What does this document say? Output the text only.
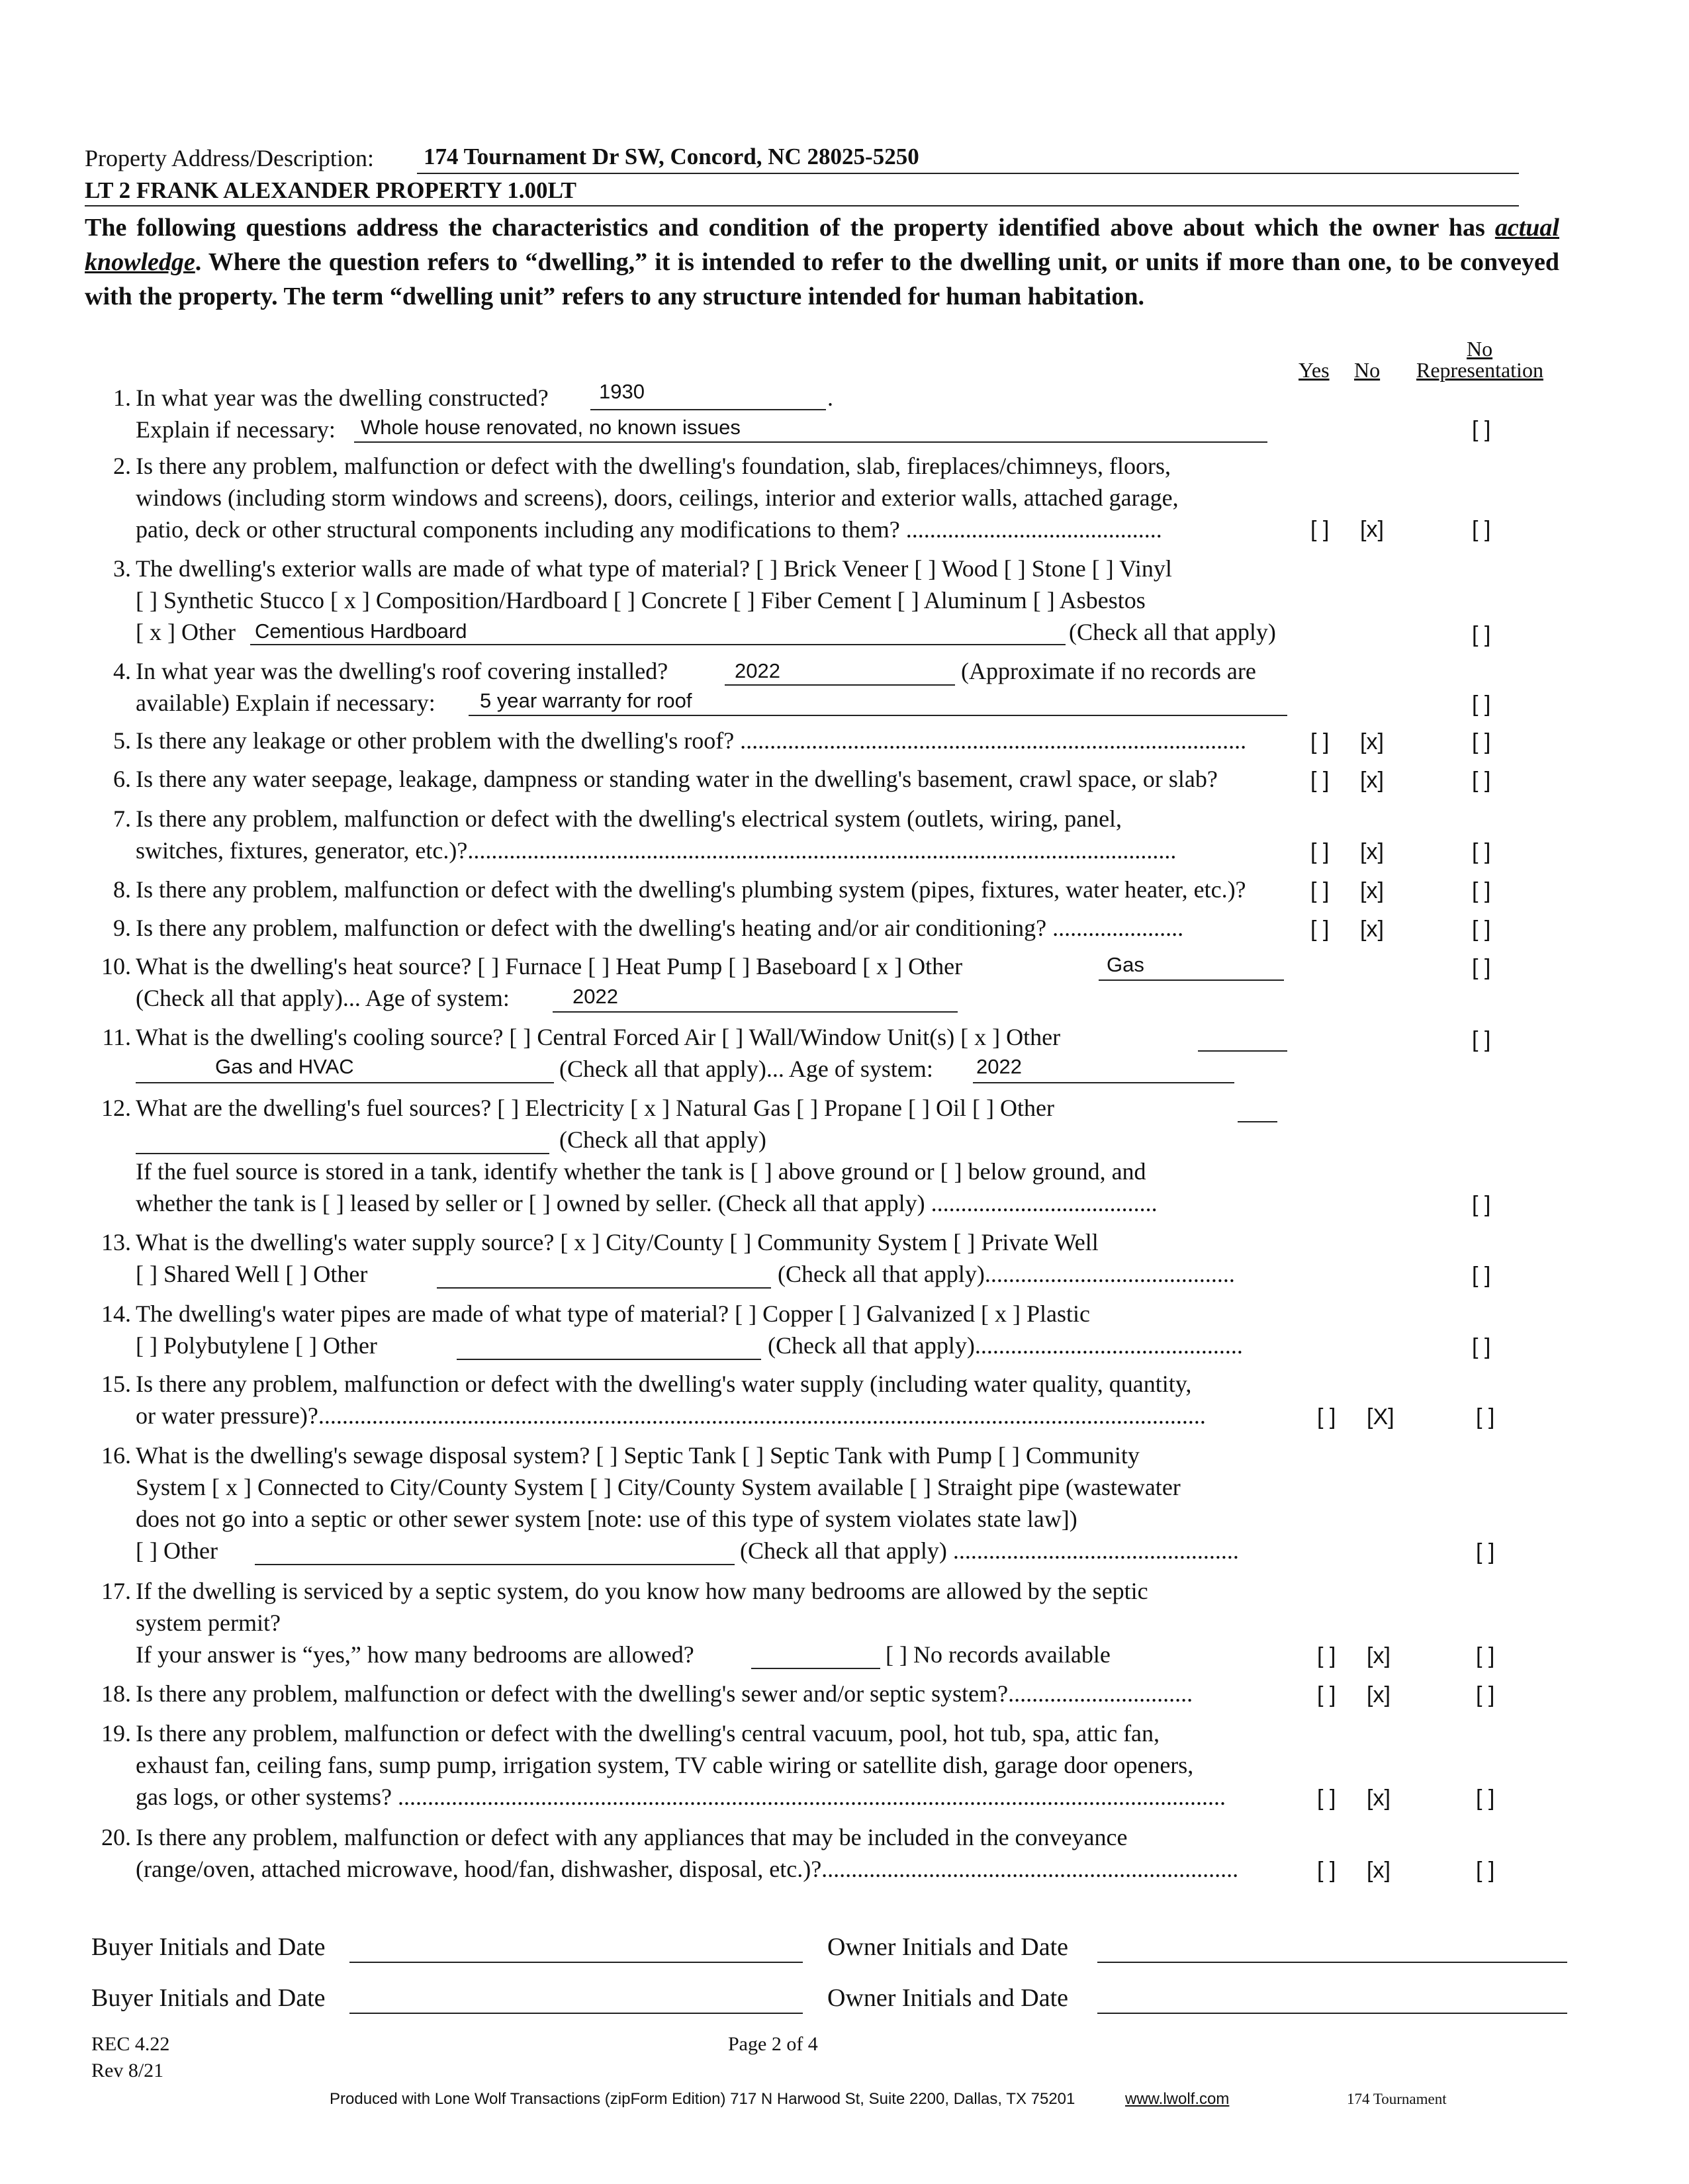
Property Address/Description: 174 Tournament Dr SW, Concord, NC 28025-5250
LT 2 FRANK ALEXANDER PROPERTY 1.00LT
The following questions address the characteristics and condition of the property identified above about which the owner has actual knowledge. Where the question refers to “dwelling,” it is intended to refer to the dwelling unit, or units if more than one, to be conveyed with the property. The term “dwelling unit” refers to any structure intended for human habitation.
Yes No
No
Representation
1. In what year was the dwelling constructed? 1930	.
Explain if necessary: Whole house renovated, no known issues	[ ]
2. Is there any problem, malfunction or defect with the dwelling's foundation, slab, fireplaces/chimneys, floors,
windows (including storm windows and screens), doors, ceilings, interior and exterior walls, attached garage,
patio, deck or other structural components including any modifications to them? ...........................................	[ ] [x]	[ ]
3. The dwelling's exterior walls are made of what type of material? [ ] Brick Veneer [ ] Wood [ ] Stone [ ] Vinyl
[ ] Synthetic Stucco [ x ] Composition/Hardboard [ ] Concrete [ ] Fiber Cement [ ] Aluminum [ ] Asbestos
[ x ] Other Cementious Hardboard	(Check all that apply)	[ ]
4. In what year was the dwelling's roof covering installed?	2022	(Approximate if no records are
available) Explain if necessary: 5 year warranty for roof	[ ]
5. Is there any leakage or other problem with the dwelling's roof? .....................................................................................	[ ] [x]	[ ]
6. Is there any water seepage, leakage, dampness or standing water in the dwelling's basement, crawl space, or slab?	[ ] [x]	[ ]
7. Is there any problem, malfunction or defect with the dwelling's electrical system (outlets, wiring, panel,
switches, fixtures, generator, etc.)?.......................................................................................................................	[ ] [x]	[ ]
8. Is there any problem, malfunction or defect with the dwelling's plumbing system (pipes, fixtures, water heater, etc.)?	[ ] [x]	[ ]
9. Is there any problem, malfunction or defect with the dwelling's heating and/or air conditioning? ......................	[ ] [x]	[ ]
10. What is the dwelling's heat source? [ ] Furnace [ ] Heat Pump [ ] Baseboard [ x ] Other	Gas
(Check all that apply)... Age of system:	2022
[ ]
11. What is the dwelling's cooling source? [ ] Central Forced Air [ ] Wall/Window Unit(s) [ x ] Other
Gas and HVAC	(Check all that apply)... Age of system: 2022
[ ]
12. What are the dwelling's fuel sources? [ ] Electricity [ x ] Natural Gas [ ] Propane [ ] Oil [ ] Other
(Check all that apply)
If the fuel source is stored in a tank, identify whether the tank is [ ] above ground or [ ] below ground, and
whether the tank is [ ] leased by seller or [ ] owned by seller. (Check all that apply) ......................................	[ ]
13. What is the dwelling's water supply source? [ x ] City/County [ ] Community System [ ] Private Well
[ ] Shared Well [ ] Other	(Check all that apply)..........................................	[ ]
14. The dwelling's water pipes are made of what type of material? [ ] Copper [ ] Galvanized [ x ] Plastic
[ ] Polybutylene [ ] Other	(Check all that apply).............................................	[ ]
15. Is there any problem, malfunction or defect with the dwelling's water supply (including water quality, quantity,
or water pressure)?.....................................................................................................................................................	[ ] [X]	[ ]
16. What is the dwelling's sewage disposal system? [ ] Septic Tank [ ] Septic Tank with Pump [ ] Community
System [ x ] Connected to City/County System [ ] City/County System available [ ] Straight pipe (wastewater
does not go into a septic or other sewer system [note: use of this type of system violates state law])
[ ] Other	(Check all that apply) ................................................	[ ]
17. If the dwelling is serviced by a septic system, do you know how many bedrooms are allowed by the septic
system permit?
If your answer is “yes,” how many bedrooms are allowed?	[ ] No records available	[ ] [x]	[ ]
18. Is there any problem, malfunction or defect with the dwelling's sewer and/or septic system?...............................	[ ] [x]	[ ]
19. Is there any problem, malfunction or defect with the dwelling's central vacuum, pool, hot tub, spa, attic fan,
exhaust fan, ceiling fans, sump pump, irrigation system, TV cable wiring or satellite dish, garage door openers,
gas logs, or other systems? ...........................................................................................................................................	[ ] [x]	[ ]
20. Is there any problem, malfunction or defect with any appliances that may be included in the conveyance
(range/oven, attached microwave, hood/fan, dishwasher, disposal, etc.)?......................................................................	[ ] [x]	[ ]
Buyer Initials and Date	Owner Initials and Date
Buyer Initials and Date	Owner Initials and Date
REC 4.22
Rev 8/21
Page 2 of 4
Produced with Lone Wolf Transactions (zipForm Edition) 717 N Harwood St, Suite 2200, Dallas, TX 75201	www.lwolf.com	174 Tournament
